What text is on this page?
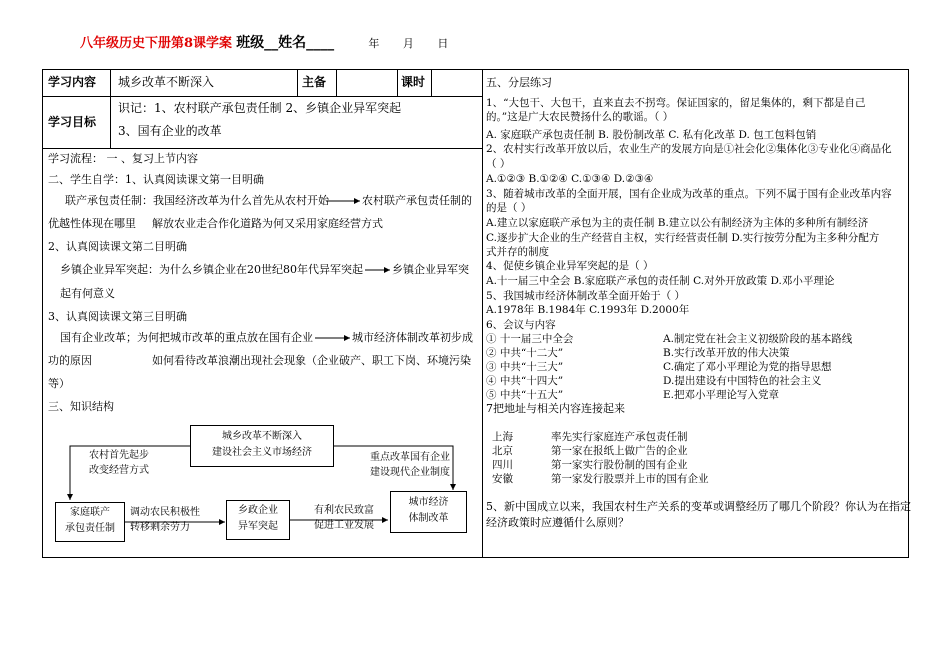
八年级历史下册第8课学案 班级__姓名____	年 月 日
学习内容 城乡改革不断深入	主备	课时
学习目标
识记：1、农村联产承包责任制 2、乡镇企业异军突起
3、国有企业的改革
学习流程： 一 、复习上节内容
二、学生自学：1、认真阅读课文第一目明确
联产承包责任制：我国经济改革为什么首先从农村开始	农村联产承包责任制的
优越性体现在哪里 解放农业走合作化道路为何又采用家庭经营方式
2、认真阅读课文第二目明确
乡镇企业异军突起：为什么乡镇企业在20世纪80年代异军突起	乡镇企业异军突
起有何意义
3、认真阅读课文第三目明确
国有企业改革；为何把城市改革的重点放在国有企业	城市经济体制改革初步成
功的原因	如何看待改革浪潮出现社会现象（企业破产、职工下岗、环境污染
等）
三、知识结构
城乡改革不断深入
建设社会主义市场经济
农村首先起步
改变经营方式
重点改革国有企业
建设现代企业制度
家庭联产
承包责任制
调动农民积极性
转移剩余劳力
乡政企业
异军突起
有利农民致富
促进工业发展
城市经济
体制改革
五、分层练习
1、“大包干、大包干，直来直去不拐弯。保证国家的，留足集体的，剩下都是自己
的。”这是广大农民赞扬什么的歌谣。（ ）
A. 家庭联产承包责任制 B. 股份制改革 C. 私有化改革 D. 包工包料包销
2、农村实行改革开放以后，农业生产的发展方向是①社会化②集体化③专业化④商品化
（ ）
A.①②③ B.①②④ C.①③④ D.②③④
3、随着城市改革的全面开展，国有企业成为改革的重点。下列不属于国有企业改革内容
的是（ ）
A.建立以家庭联产承包为主的责任制 B.建立以公有制经济为主体的多种所有制经济
C.逐步扩大企业的生产经营自主权，实行经营责任制 D.实行按劳分配为主多种分配方
式并存的制度
4、促使乡镇企业异军突起的是（ ）
A.十一届三中全会 B.家庭联产承包的责任制 C.对外开放政策 D.邓小平理论
5、我国城市经济体制改革全面开始于（ ）
A.1978年 B.1984年 C.1993年 D.2000年
6、会议与内容
① 十一届三中全会	A.制定党在社会主义初级阶段的基本路线
② 中共“十二大”	B.实行改革开放的伟大决策
③ 中共“十三大”	C.确定了邓小平理论为党的指导思想
④ 中共“十四大”	D.提出建设有中国特色的社会主义
⑤ 中共“十五大”	E.把邓小平理论写入党章
7把地址与相关内容连接起来
上海	率先实行家庭连产承包责任制
北京	第一家在报纸上做广告的企业
四川	第一家实行股份制的国有企业
安徽	第一家发行股票并上市的国有企业
5、新中国成立以来，我国农村生产关系的变革或调整经历了哪几个阶段？你认为在指定
经济政策时应遵循什么原则？
